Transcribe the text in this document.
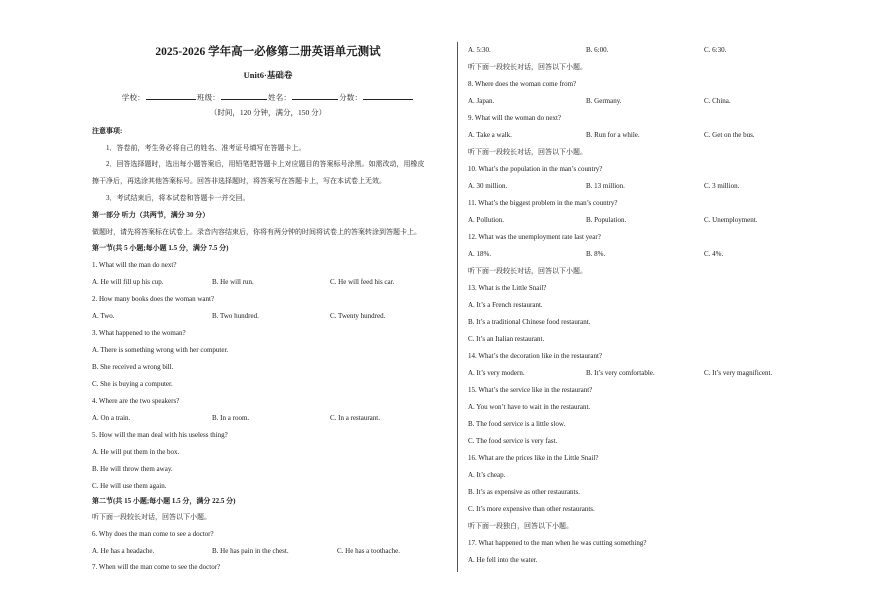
2025-2026 学年高一必修第二册英语单元测试
Unit6·基础卷
学校：	班级：	姓名：	分数：
（时间，120 分钟，满分，150 分）
注意事项:
1．答卷前，考生务必将自己的姓名、准考证号填写在答题卡上。
2．回答选择题时，选出每小题答案后，用铅笔把答题卡上对应题目的答案标号涂黑。如需改动，用橡皮
擦干净后，再选涂其他答案标号。回答非选择题时，将答案写在答题卡上，写在本试卷上无效。
3．考试结束后，将本试卷和答题卡一并交回。
第一部分 听力（共两节，满分 30 分）
做题时，请先将答案标在试卷上。录音内容结束后，你将有两分钟的时间将试卷上的答案转涂到答题卡上。
第一节(共 5 小题;每小题 1.5 分，满分 7.5 分)
1. What will the man do next?
A. He will fill up his cup.	B. He will run.	C. He will feed his car.
2. How many books does the woman want?
A. Two.	B. Two hundred.	C. Twenty hundred.
3. What happened to the woman?
A. There is something wrong with her computer.
B. She received a wrong bill.
C. She is buying a computer.
4. Where are the two speakers?
A. On a train.	B. In a room.	C. In a restaurant.
5. How will the man deal with his useless thing?
A. He will put them in the box.
B. He will throw them away.
C. He will use them again.
第二节(共 15 小题;每小题 1.5 分，满分 22.5 分)
听下面一段较长对话，回答以下小题。
6. Why does the man come to see a doctor?
A. He has a headache.	B. He has pain in the chest.	C. He has a toothache.
7. When will the man come to see the doctor?
A. 5:30.	B. 6:00.	C. 6:30.
听下面一段较长对话，回答以下小题。
8. Where does the woman come from?
A. Japan.	B. Germany.	C. China.
9. What will the woman do next?
A. Take a walk.	B. Run for a while.	C. Get on the bus.
听下面一段较长对话，回答以下小题。
10. What’s the population in the man’s country?
A. 30 million.	B. 13 million.	C. 3 million.
11. What’s the biggest problem in the man’s country?
A. Pollution.	B. Population.	C. Unemployment.
12. What was the unemployment rate last year?
A. 18%.	B. 8%.	C. 4%.
听下面一段较长对话，回答以下小题。
13. What is the Little Snail?
A. It’s a French restaurant.
B. It’s a traditional Chinese food restaurant.
C. It’s an Italian restaurant.
14. What’s the decoration like in the restaurant?
A. It’s very modern.	B. It’s very comfortable.	C. It’s very magnificent.
15. What’s the service like in the restaurant?
A. You won’t have to wait in the restaurant.
B. The food service is a little slow.
C. The food service is very fast.
16. What are the prices like in the Little Snail?
A. It’s cheap.
B. It’s as expensive as other restaurants.
C. It’s more expensive than other restaurants.
听下面一段独白，回答以下小题。
17. What happened to the man when he was cutting something?
A. He fell into the water.
